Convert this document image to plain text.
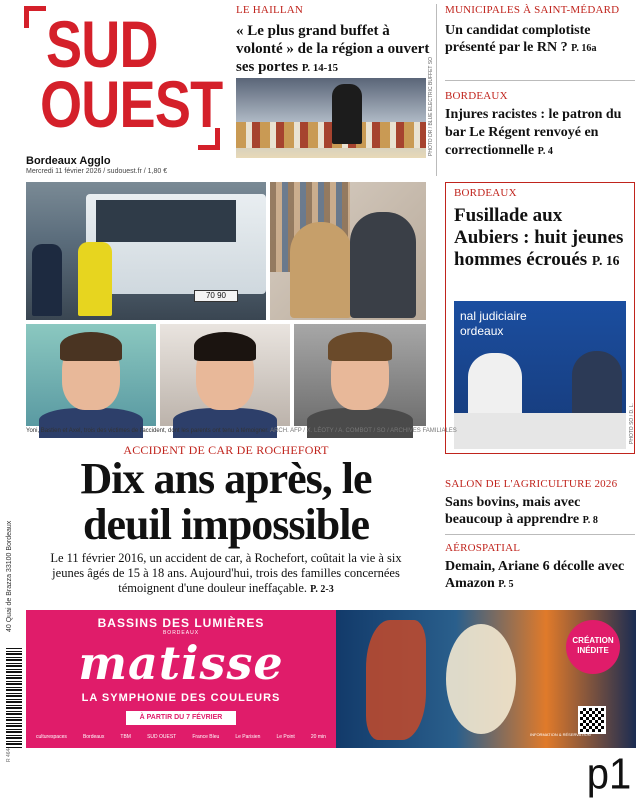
SUD
OUEST
Bordeaux Agglo
Mercredi 11 février 2026 / sudouest.fr / 1,80 €
LE HAILLAN
« Le plus grand buffet à volonté » de la région a ouvert ses portes P. 14-15	PHOTO DR / BLUE ELECTRIC BUFFET SO
MUNICIPALES À SAINT-MÉDARD
Un candidat complotiste présenté par le RN ? P. 16a
BORDEAUX
Injures racistes : le patron du bar Le Régent renvoyé en correctionnelle P. 4
BORDEAUX
Fusillade aux Aubiers : huit jeunes hommes écroués P. 16
nal judiciaire
ordeaux
PHOTO SO / D. L.
70 90
Yoni, Bastien et Axel, trois des victimes de l'accident, dont les parents ont tenu à témoigner. ARCH. AFP / X. LÉOTY / A. COMBOT / SO / ARCHIVES FAMILIALES
ACCIDENT DE CAR DE ROCHEFORT
Dix ans après, le
deuil impossible
Le 11 février 2016, un accident de car, à Rochefort, coûtait la vie à six jeunes âgés de 15 à 18 ans. Aujourd'hui, trois des familles concernées témoignent d'une douleur ineffaçable. P. 2-3
SALON DE L'AGRICULTURE 2026
Sans bovins, mais avec beaucoup à apprendre P. 8
AÉROSPATIAL
Demain, Ariane 6 décolle avec Amazon P. 5
40 Quai de Brazza 33100 Bordeaux	BASSINS DES LUMIÈRES
BORDEAUX
matisse
LA SYMPHONIE DES COULEURS
À PARTIR DU 7 FÉVRIER
culturespaces	Bordeaux	TBM	SUD OUEST	France Bleu	Le Parisien	Le Point	20 min
CRÉATION INÉDITE
INFORMATION & RÉSERVATION
p1
